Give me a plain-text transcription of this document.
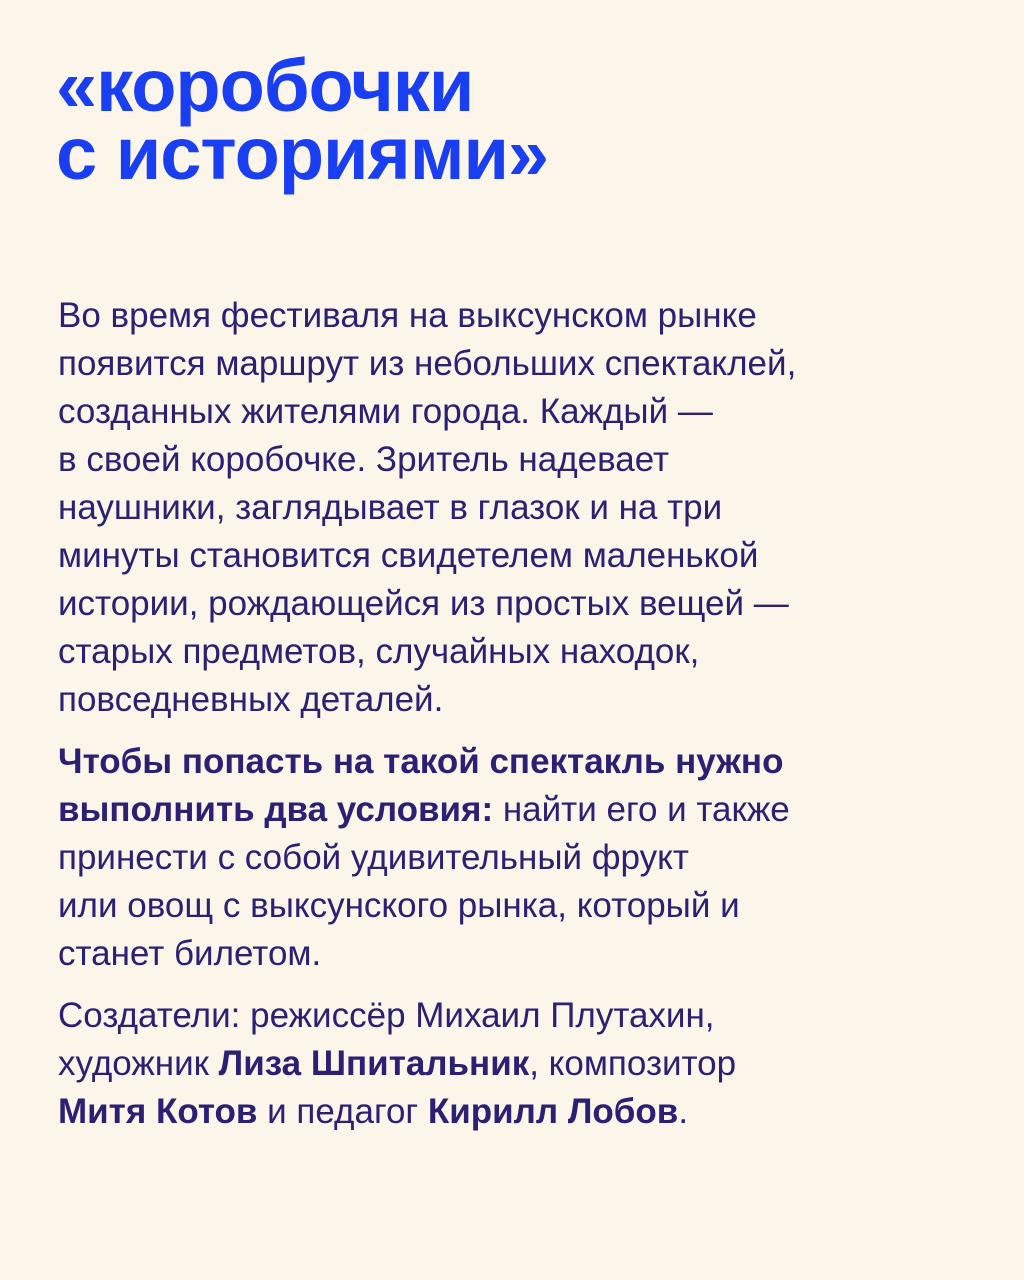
«коробочки
с историями»

Во время фестиваля на выксунском рынке
появится маршрут из небольших спектаклей,
созданных жителями города. Каждый —
в своей коробочке. Зритель надевает
наушники, заглядывает в глазок и на три
минуты становится свидетелем маленькой
истории, рождающейся из простых вещей —
старых предметов, случайных находок,
повседневных деталей.

Чтобы попасть на такой спектакль нужно
выполнить два условия: найти его и также
принести с собой удивительный фрукт
или овощ с выксунского рынка, который и
станет билетом.

Создатели: режиссёр Михаил Плутахин,
художник Лиза Шпитальник, композитор
Митя Котов и педагог Кирилл Лобов.
